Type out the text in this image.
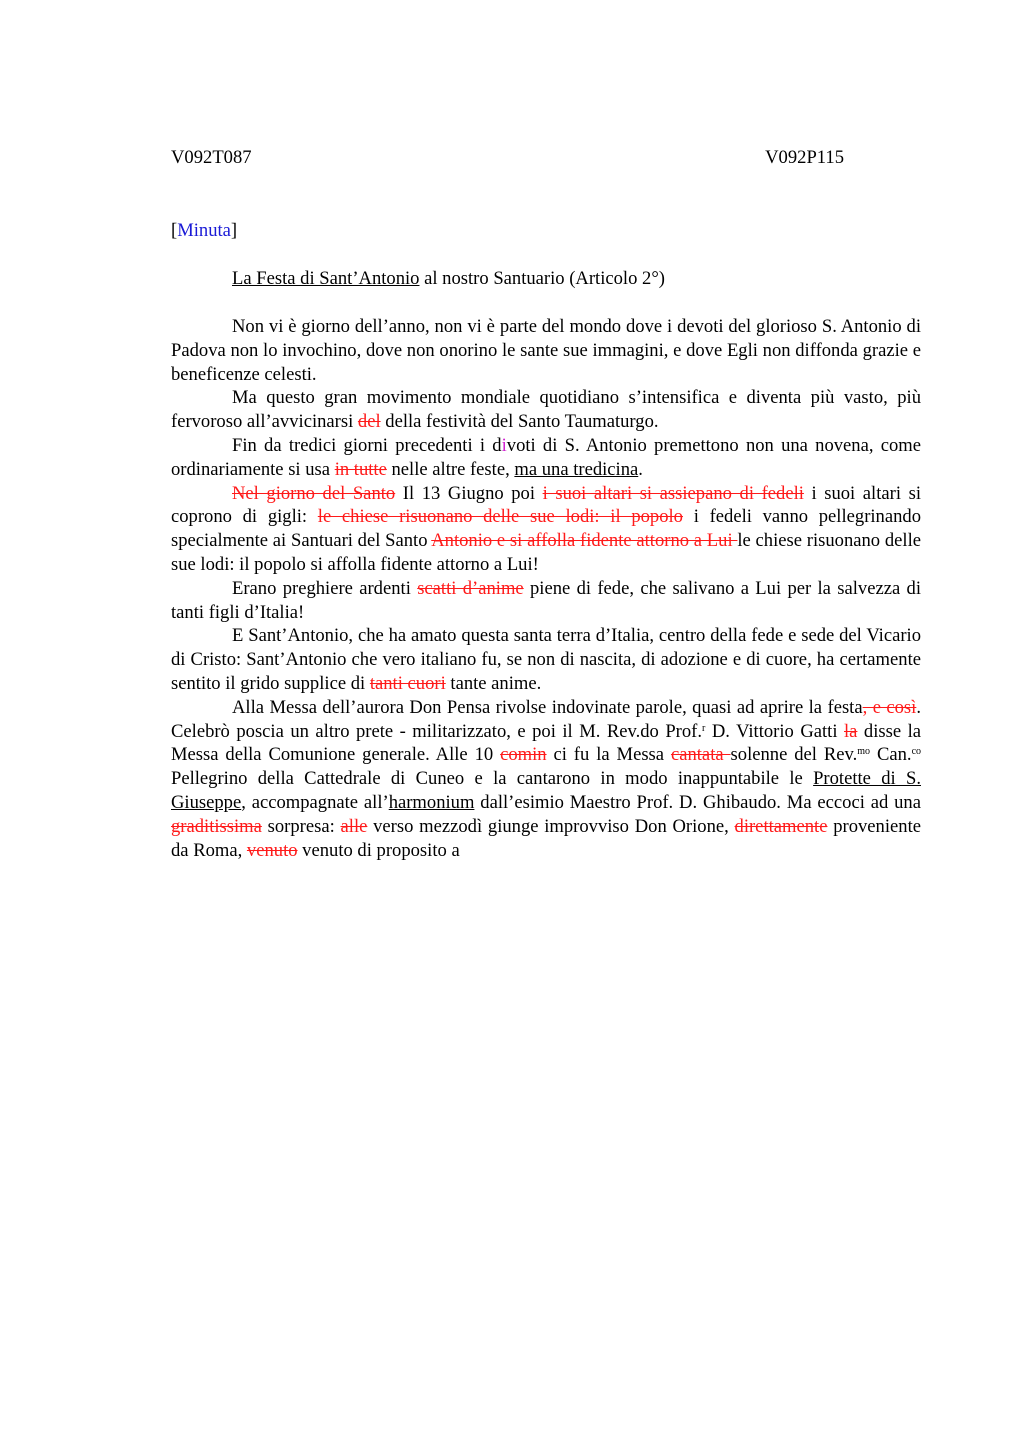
V092T087	V092P115
[Minuta]
La Festa di Sant’Antonio al nostro Santuario (Articolo 2°)

Non vi è giorno dell’anno, non vi è parte del mondo dove i devoti del glorioso S. Antonio di Padova non lo invochino, dove non onorino le sante sue immagini, e dove Egli non diffonda grazie e beneficenze celesti.

Ma questo gran movimento mondiale quotidiano s’intensifica e diventa più vasto, più fervoroso all’avvicinarsi del della festività del Santo Taumaturgo.

Fin da tredici giorni precedenti i divoti di S. Antonio premettono non una novena, come ordinariamente si usa in tutte nelle altre feste, ma una tredicina.

Nel giorno del Santo Il 13 Giugno poi i suoi altari si assiepano di fedeli i suoi altari si coprono di gigli: le chiese risuonano delle sue lodi: il popolo i fedeli vanno pellegrinando specialmente ai Santuari del Santo Antonio e si affolla fidente attorno a Lui le chiese risuonano delle sue lodi: il popolo si affolla fidente attorno a Lui!

Erano preghiere ardenti scatti d’anime piene di fede, che salivano a Lui per la salvezza di tanti figli d’Italia!

E Sant’Antonio, che ha amato questa santa terra d’Italia, centro della fede e sede del Vicario di Cristo: Sant’Antonio che vero italiano fu, se non di nascita, di adozione e di cuore, ha certamente sentito il grido supplice di tanti cuori tante anime.

Alla Messa dell’aurora Don Pensa rivolse indovinate parole, quasi ad aprire la festa, e così. Celebrò poscia un altro prete - militarizzato, e poi il M. Rev.do Prof.$^r$ D. Vittorio Gatti la disse la Messa della Comunione generale. Alle 10 comin ci fu la Messa cantata solenne del Rev.$^{mo}$ Can.$^{co}$ Pellegrino della Cattedrale di Cuneo e la cantarono in modo inappuntabile le Protette di S. Giuseppe, accompagnate all’harmonium dall’esimio Maestro Prof. D. Ghibaudo. Ma eccoci ad una graditissima sorpresa: alle verso mezzodì giunge improvviso Don Orione, direttamente proveniente da Roma, venuto venuto di proposito a
